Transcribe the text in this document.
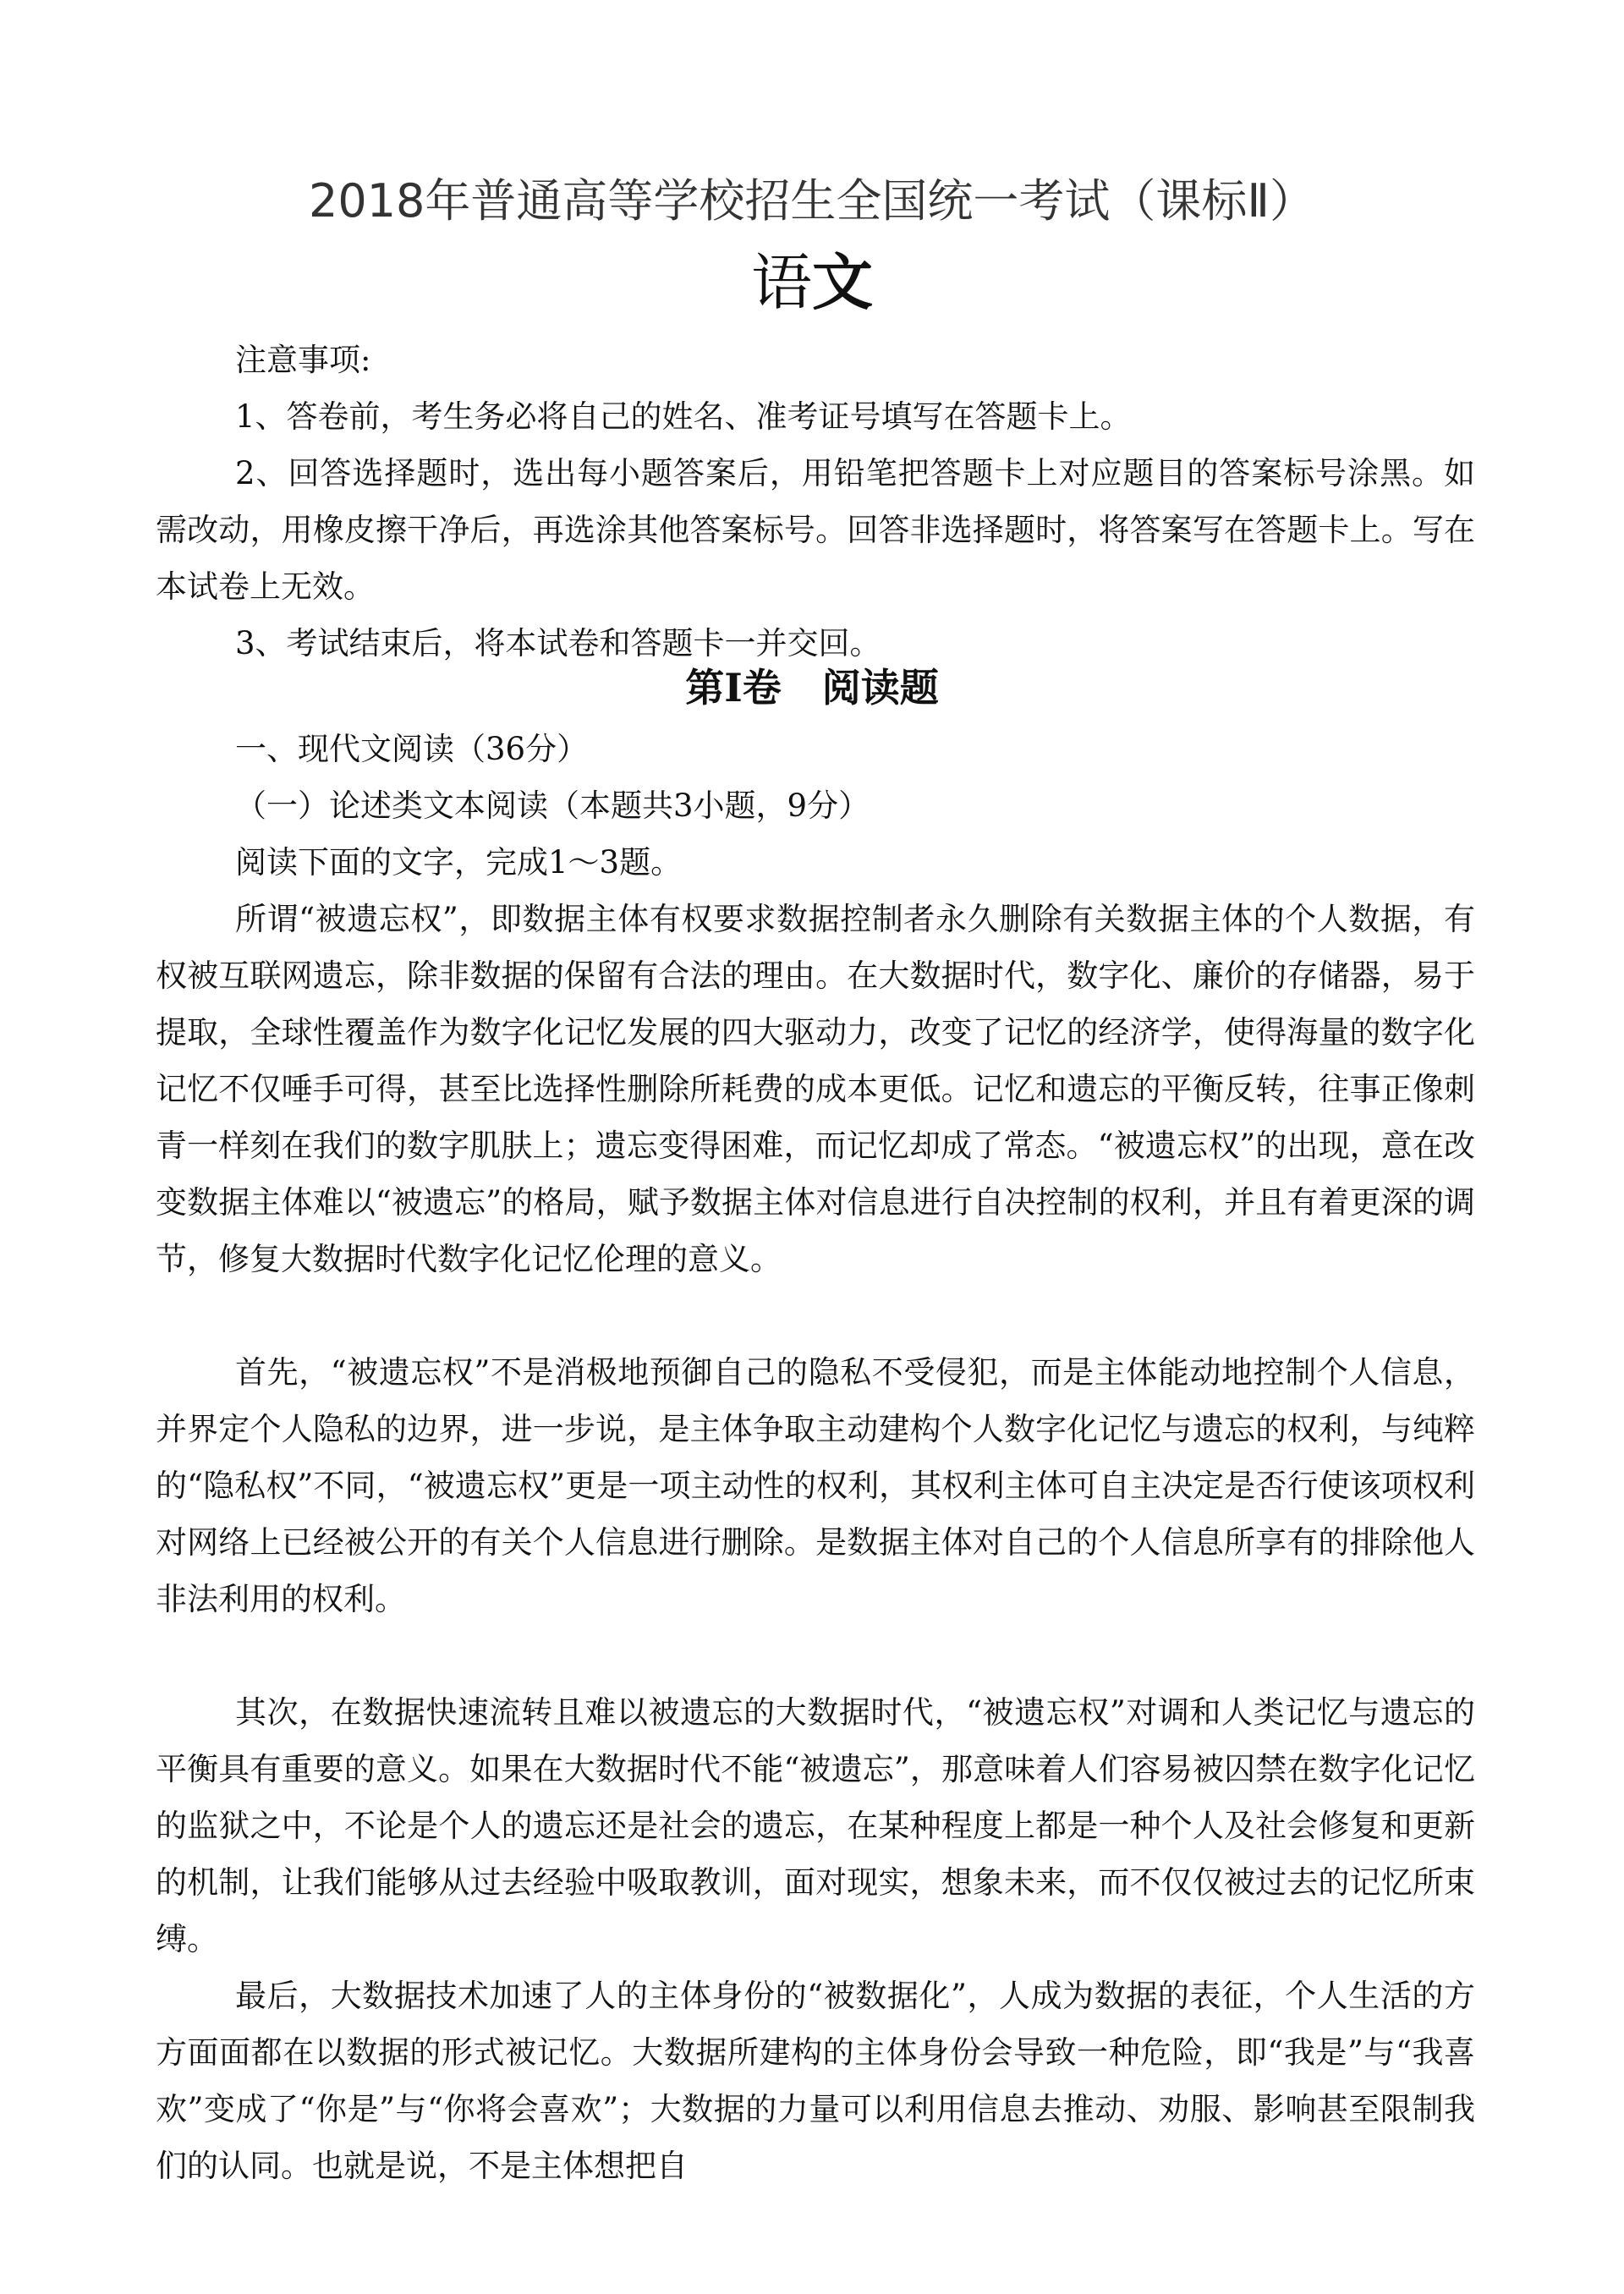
2018年普通高等学校招生全国统一考试（课标Ⅱ）
语文
注意事项:
1、答卷前，考生务必将自己的姓名、准考证号填写在答题卡上。
2、回答选择题时，选出每小题答案后，用铅笔把答题卡上对应题目的答案标号涂黑。如需改动，用橡皮擦干净后，再选涂其他答案标号。回答非选择题时，将答案写在答题卡上。写在本试卷上无效。
3、考试结束后，将本试卷和答题卡一并交回。
第Ⅰ卷 阅读题
一、现代文阅读（36分）
（一）论述类文本阅读（本题共3小题，9分）
阅读下面的文字，完成1～3题。
所谓“被遗忘权”，即数据主体有权要求数据控制者永久删除有关数据主体的个人数据，有权被互联网遗忘，除非数据的保留有合法的理由。在大数据时代，数字化、廉价的存储器，易于提取，全球性覆盖作为数字化记忆发展的四大驱动力，改变了记忆的经济学，使得海量的数字化记忆不仅唾手可得，甚至比选择性删除所耗费的成本更低。记忆和遗忘的平衡反转，往事正像刺青一样刻在我们的数字肌肤上；遗忘变得困难，而记忆却成了常态。“被遗忘权”的出现，意在改变数据主体难以“被遗忘”的格局，赋予数据主体对信息进行自决控制的权利，并且有着更深的调节，修复大数据时代数字化记忆伦理的意义。
首先，“被遗忘权”不是消极地预御自己的隐私不受侵犯，而是主体能动地控制个人信息，并界定个人隐私的边界，进一步说，是主体争取主动建构个人数字化记忆与遗忘的权利，与纯粹的“隐私权”不同，“被遗忘权”更是一项主动性的权利，其权利主体可自主决定是否行使该项权利对网络上已经被公开的有关个人信息进行删除。是数据主体对自己的个人信息所享有的排除他人非法利用的权利。
其次，在数据快速流转且难以被遗忘的大数据时代，“被遗忘权”对调和人类记忆与遗忘的平衡具有重要的意义。如果在大数据时代不能“被遗忘”，那意味着人们容易被囚禁在数字化记忆的监狱之中，不论是个人的遗忘还是社会的遗忘，在某种程度上都是一种个人及社会修复和更新的机制，让我们能够从过去经验中吸取教训，面对现实，想象未来，而不仅仅被过去的记忆所束缚。
最后，大数据技术加速了人的主体身份的“被数据化”，人成为数据的表征，个人生活的方方面面都在以数据的形式被记忆。大数据所建构的主体身份会导致一种危险，即“我是”与“我喜欢”变成了“你是”与“你将会喜欢”；大数据的力量可以利用信息去推动、劝服、影响甚至限制我们的认同。也就是说，不是主体想把自
